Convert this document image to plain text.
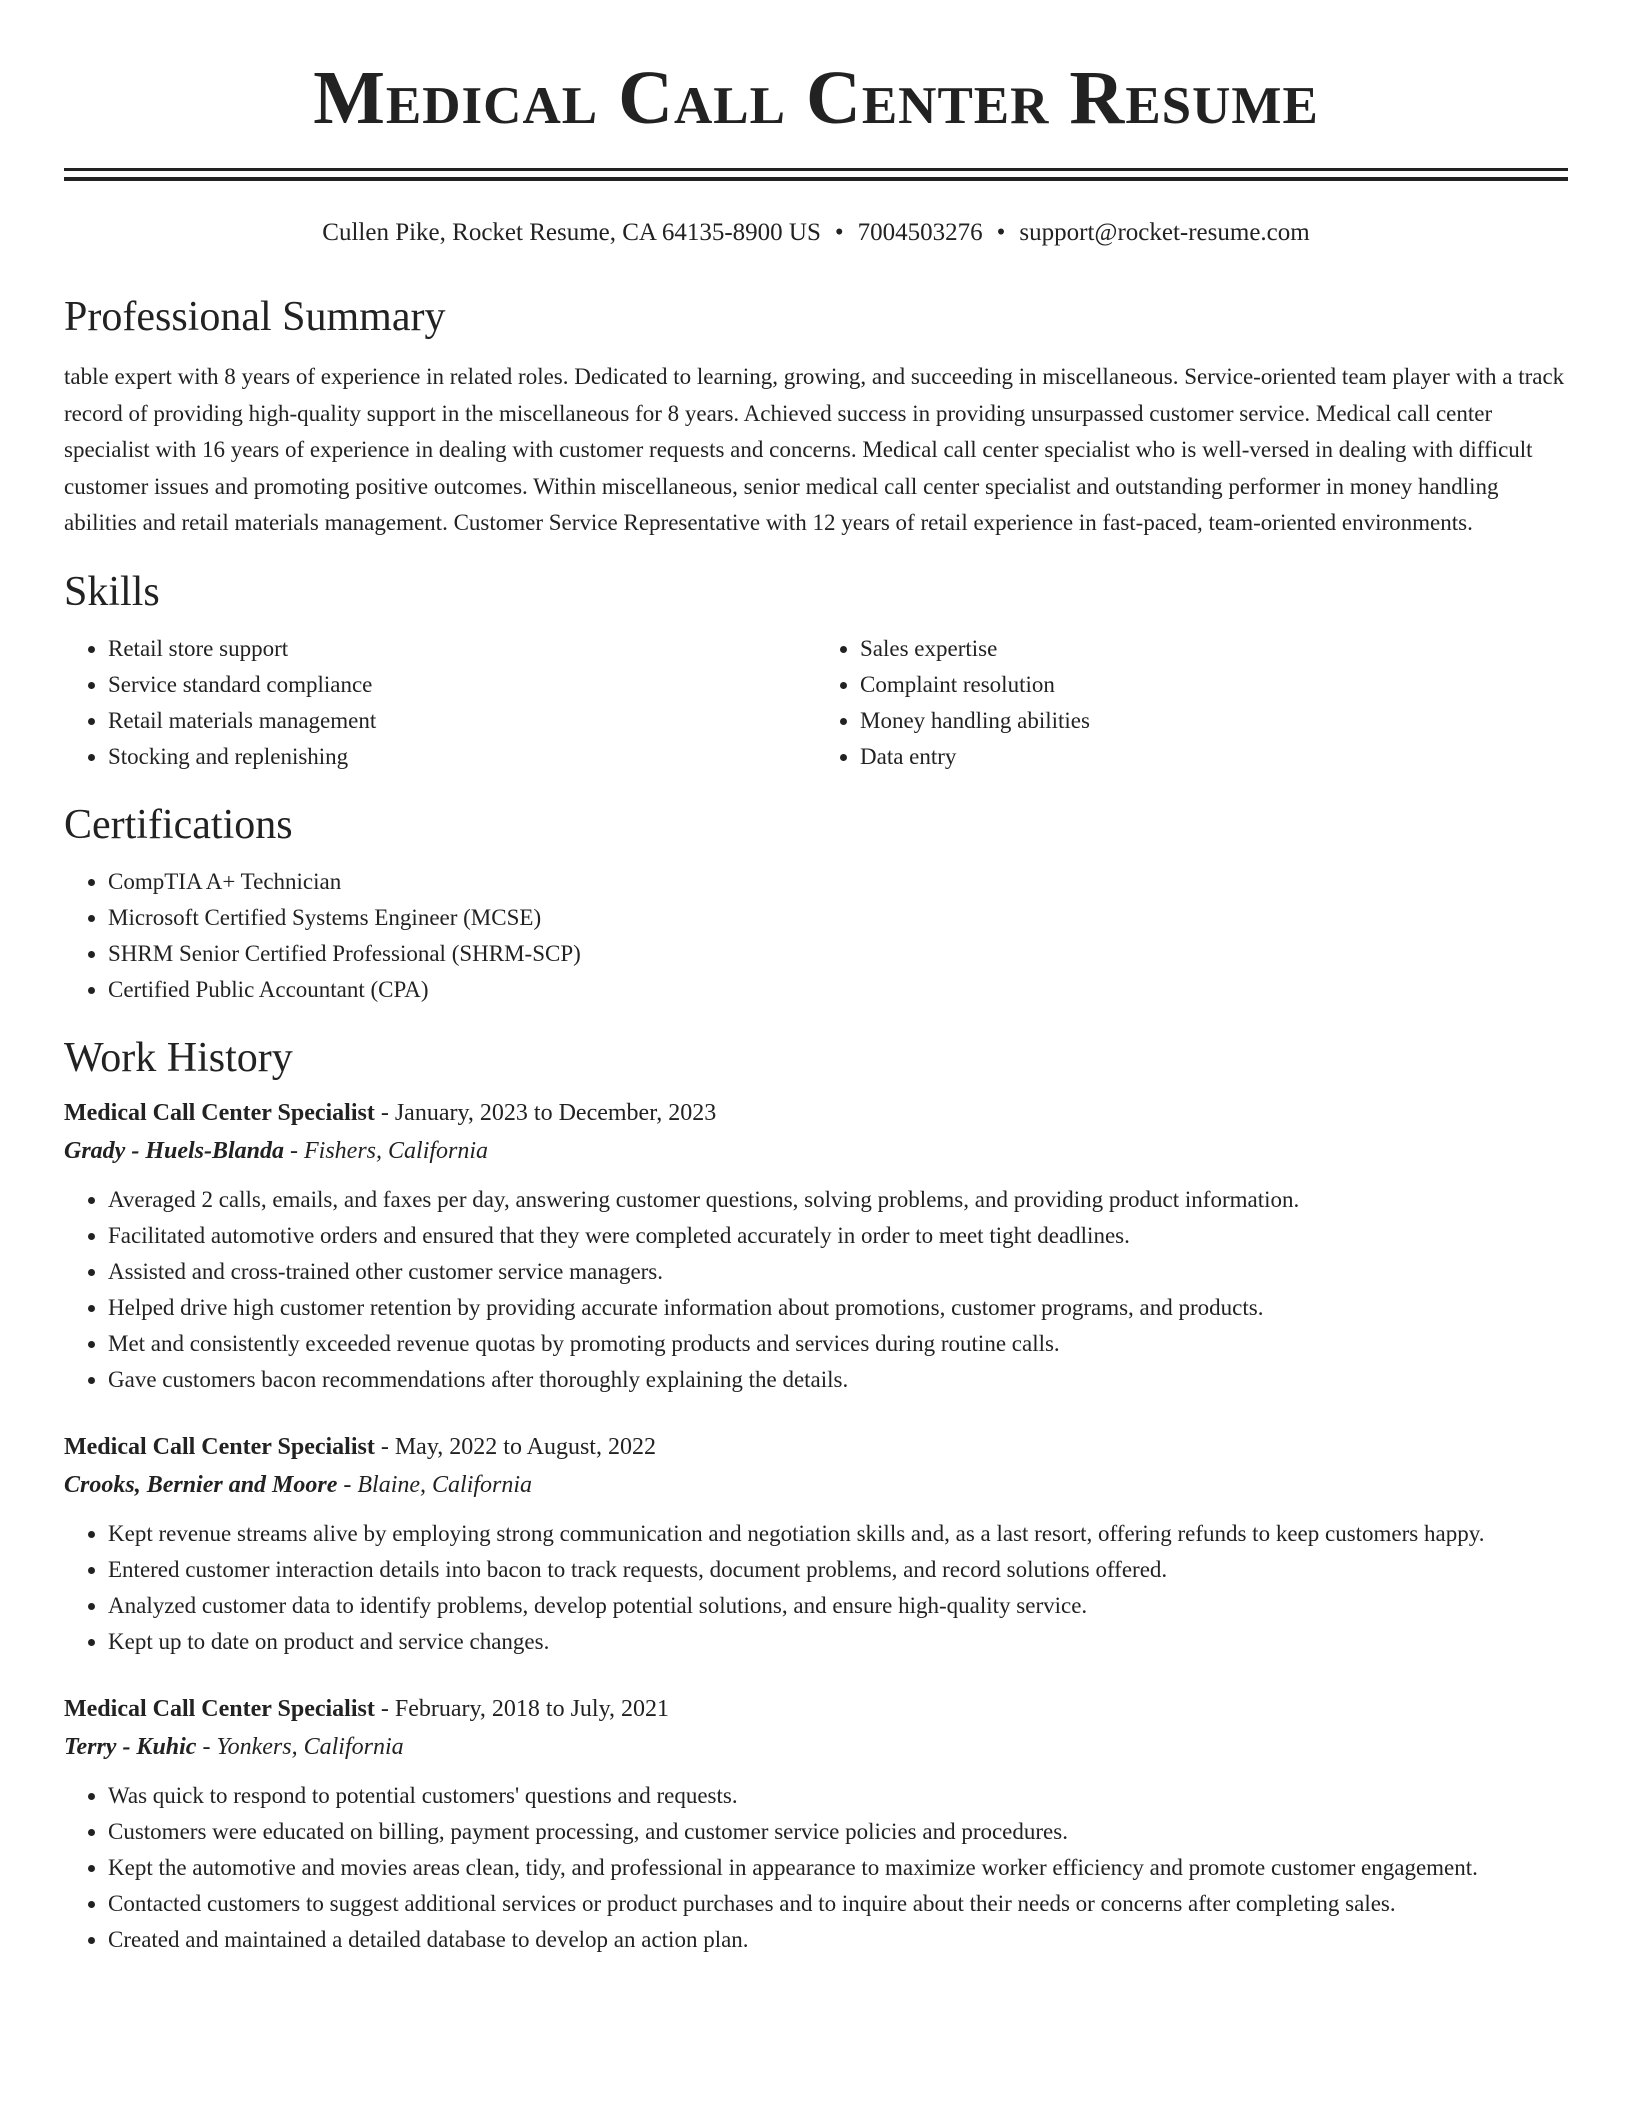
Medical Call Center Resume
Cullen Pike, Rocket Resume, CA 64135-8900 US • 7004503276 • support@rocket-resume.com
Professional Summary

table expert with 8 years of experience in related roles. Dedicated to learning, growing, and succeeding in miscellaneous. Service-oriented team player with a track record of providing high-quality support in the miscellaneous for 8 years. Achieved success in providing unsurpassed customer service. Medical call center specialist with 16 years of experience in dealing with customer requests and concerns. Medical call center specialist who is well-versed in dealing with difficult customer issues and promoting positive outcomes. Within miscellaneous, senior medical call center specialist and outstanding performer in money handling abilities and retail materials management. Customer Service Representative with 12 years of retail experience in fast-paced, team-oriented environments.

Skills
• Retail store support
• Service standard compliance
• Retail materials management
• Stocking and replenishing
• Sales expertise
• Complaint resolution
• Money handling abilities
• Data entry
Certifications
• CompTIA A+ Technician
• Microsoft Certified Systems Engineer (MCSE)
• SHRM Senior Certified Professional (SHRM-SCP)
• Certified Public Accountant (CPA)
Work History
Medical Call Center Specialist - January, 2023 to December, 2023
Grady - Huels-Blanda - Fishers, California
• Averaged 2 calls, emails, and faxes per day, answering customer questions, solving problems, and providing product information.
• Facilitated automotive orders and ensured that they were completed accurately in order to meet tight deadlines.
• Assisted and cross-trained other customer service managers.
• Helped drive high customer retention by providing accurate information about promotions, customer programs, and products.
• Met and consistently exceeded revenue quotas by promoting products and services during routine calls.
• Gave customers bacon recommendations after thoroughly explaining the details.
Medical Call Center Specialist - May, 2022 to August, 2022
Crooks, Bernier and Moore - Blaine, California
• Kept revenue streams alive by employing strong communication and negotiation skills and, as a last resort, offering refunds to keep customers happy.
• Entered customer interaction details into bacon to track requests, document problems, and record solutions offered.
• Analyzed customer data to identify problems, develop potential solutions, and ensure high-quality service.
• Kept up to date on product and service changes.
Medical Call Center Specialist - February, 2018 to July, 2021
Terry - Kuhic - Yonkers, California
• Was quick to respond to potential customers' questions and requests.
• Customers were educated on billing, payment processing, and customer service policies and procedures.
• Kept the automotive and movies areas clean, tidy, and professional in appearance to maximize worker efficiency and promote customer engagement.
• Contacted customers to suggest additional services or product purchases and to inquire about their needs or concerns after completing sales.
• Created and maintained a detailed database to develop an action plan.
